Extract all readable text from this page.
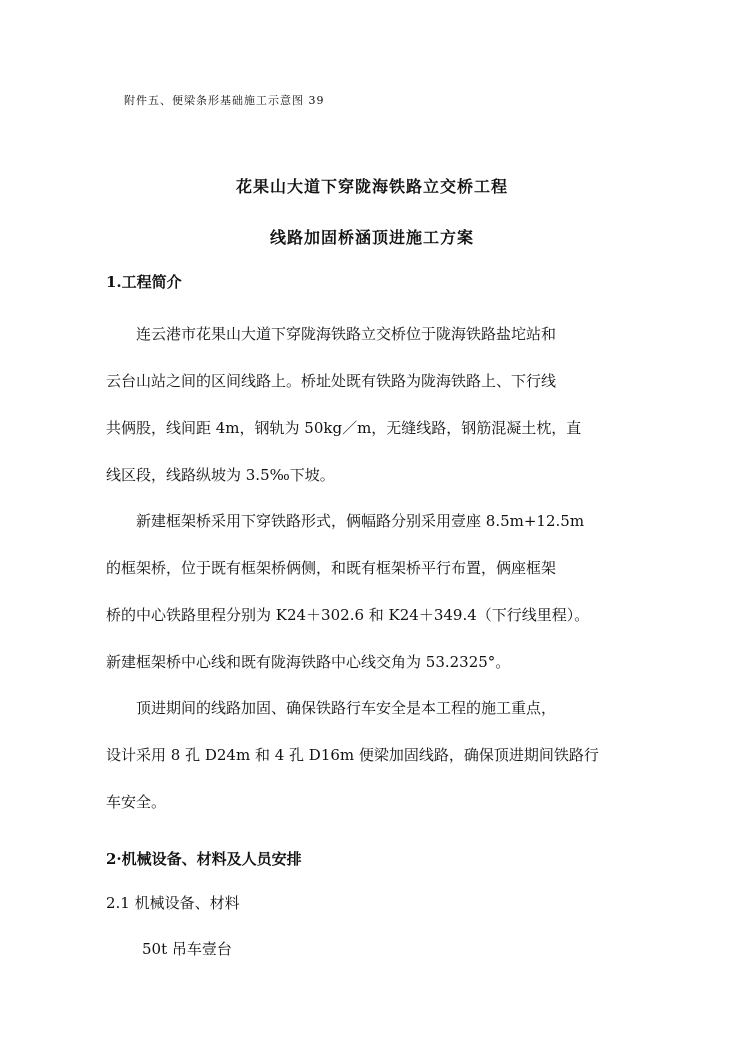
附件五、便梁条形基础施工示意图 39
花果山大道下穿陇海铁路立交桥工程
线路加固桥涵顶进施工方案
1.工程简介
　　连云港市花果山大道下穿陇海铁路立交桥位于陇海铁路盐坨站和
云台山站之间的区间线路上。桥址处既有铁路为陇海铁路上、下行线
共俩股，线间距 4m，钢轨为 50kg／m，无缝线路，钢筋混凝土枕，直
线区段，线路纵坡为 3.5‰下坡。
　　新建框架桥采用下穿铁路形式，俩幅路分别采用壹座 8.5m+12.5m
的框架桥，位于既有框架桥俩侧，和既有框架桥平行布置，俩座框架
桥的中心铁路里程分别为 K24＋302.6 和 K24＋349.4（下行线里程）。
新建框架桥中心线和既有陇海铁路中心线交角为 53.2325°。
　　顶进期间的线路加固、确保铁路行车安全是本工程的施工重点，
设计采用 8 孔 D24m 和 4 孔 D16m 便梁加固线路，确保顶进期间铁路行
车安全。
2·机械设备、材料及人员安排
2.1 机械设备、材料
50t 吊车壹台
